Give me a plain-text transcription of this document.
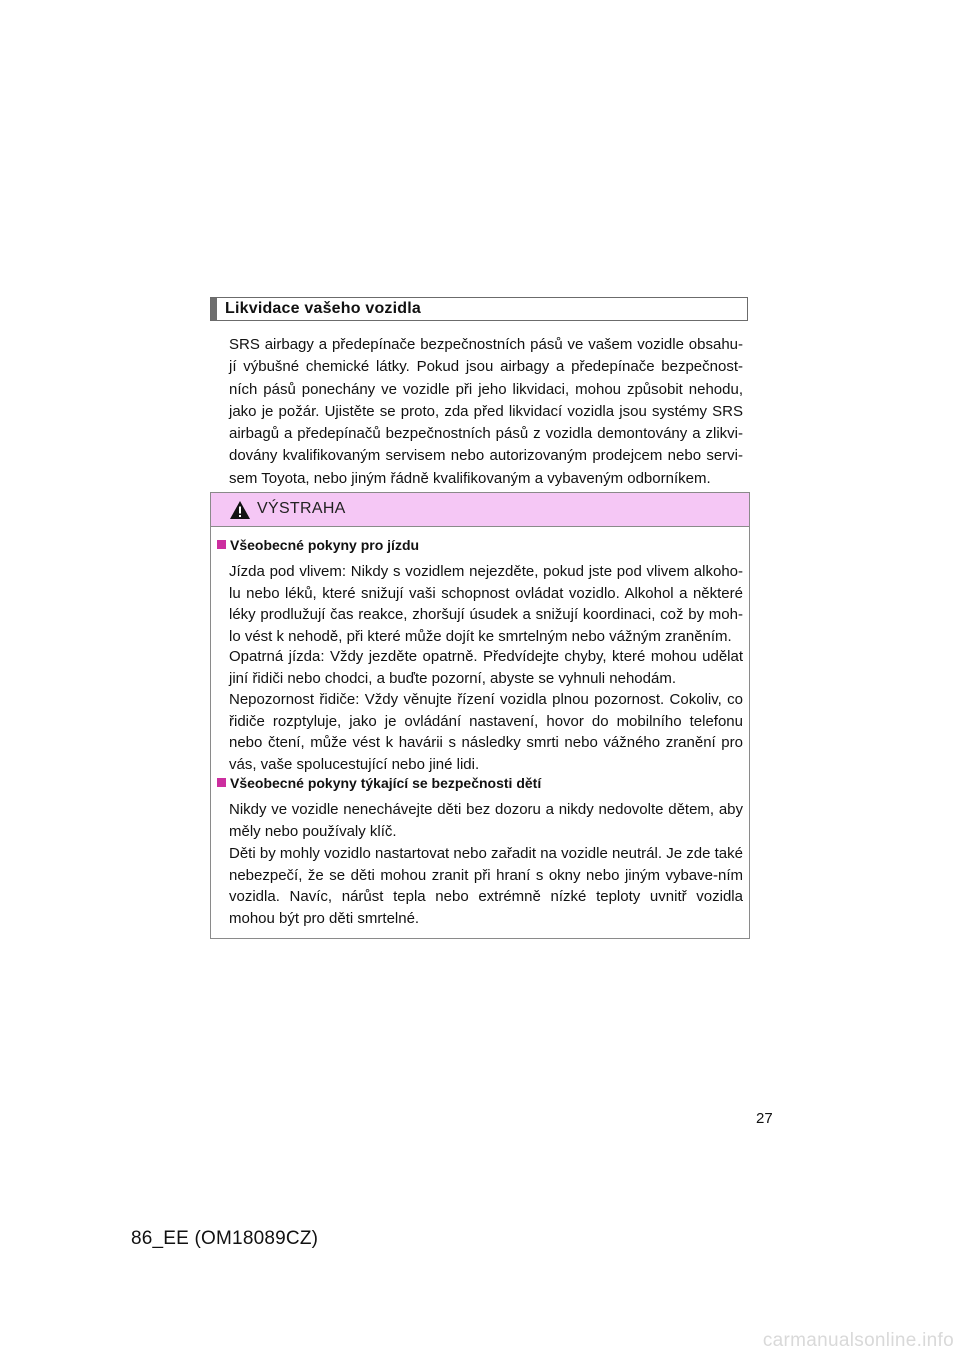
Likvidace vašeho vozidla

SRS airbagy a předepínače bezpečnostních pásů ve vašem vozidle obsahu-jí výbušné chemické látky. Pokud jsou airbagy a předepínače bezpečnost-ních pásů ponechány ve vozidle při jeho likvidaci, mohou způsobit nehodu, jako je požár. Ujistěte se proto, zda před likvidací vozidla jsou systémy SRS airbagů a předepínačů bezpečnostních pásů z vozidla demontovány a zlikvi-dovány kvalifikovaným servisem nebo autorizovaným prodejcem nebo servi-sem Toyota, nebo jiným řádně kvalifikovaným a vybaveným odborníkem.

VÝSTRAHA
Všeobecné pokyny pro jízdu

Jízda pod vlivem: Nikdy s vozidlem nejezděte, pokud jste pod vlivem alkoho-lu nebo léků, které snižují vaši schopnost ovládat vozidlo. Alkohol a některé léky prodlužují čas reakce, zhoršují úsudek a snižují koordinaci, což by moh-lo vést k nehodě, při které může dojít ke smrtelným nebo vážným zraněním.

Opatrná jízda: Vždy jezděte opatrně. Předvídejte chyby, které mohou udělat jiní řidiči nebo chodci, a buďte pozorní, abyste se vyhnuli nehodám.

Nepozornost řidiče: Vždy věnujte řízení vozidla plnou pozornost. Cokoliv, co řidiče rozptyluje, jako je ovládání nastavení, hovor do mobilního telefonu nebo čtení, může vést k havárii s následky smrti nebo vážného zranění pro vás, vaše spolucestující nebo jiné lidi.

Všeobecné pokyny týkající se bezpečnosti dětí

Nikdy ve vozidle nenechávejte děti bez dozoru a nikdy nedovolte dětem, aby měly nebo používaly klíč.

Děti by mohly vozidlo nastartovat nebo zařadit na vozidle neutrál. Je zde také nebezpečí, že se děti mohou zranit při hraní s okny nebo jiným vybave-ním vozidla. Navíc, nárůst tepla nebo extrémně nízké teploty uvnitř vozidla mohou být pro děti smrtelné.

27
86_EE (OM18089CZ)
carmanualsonline.info
